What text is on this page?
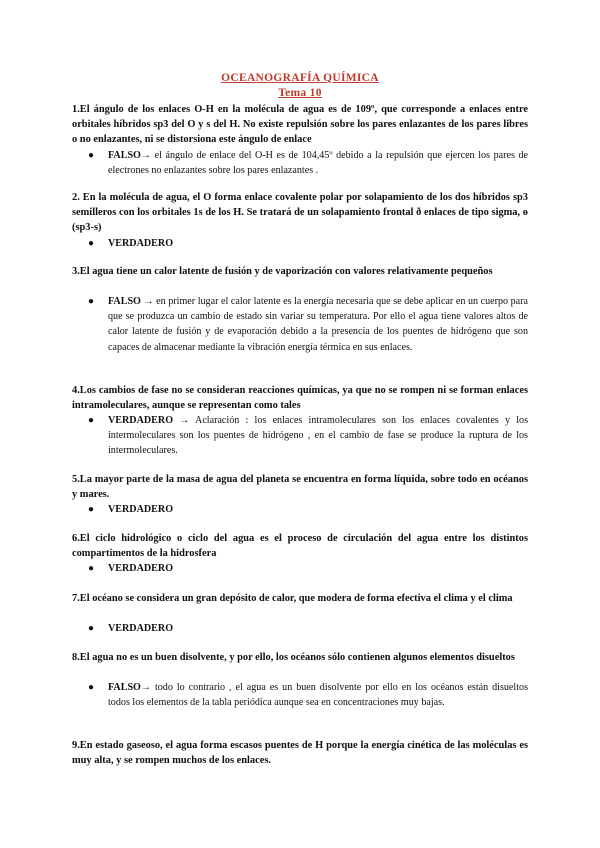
OCEANOGRAFÍA QUÍMICA
Tema 10
1.El ángulo de los enlaces O-H en la molécula de agua es de 109º, que corresponde a enlaces entre orbitales híbridos sp3 del O y s del H. No existe repulsión sobre los pares enlazantes de los pares libres o no enlazantes, ni se distorsiona este ángulo de enlace
● FALSO→ el ángulo de enlace del O-H es de 104,45º debido a la repulsión que ejercen los pares de electrones no enlazantes sobre los pares enlazantes .
2. En la molécula de agua, el O forma enlace covalente polar por solapamiento de los dos híbridos sp3 semilleros con los orbitales 1s de los H. Se tratará de un solapamiento frontal ð enlaces de tipo sigma, ɵ (sp3-s)
● VERDADERO
3.El agua tiene un calor latente de fusión y de vaporización con valores relativamente pequeños
● FALSO → en primer lugar el calor latente es la energía necesaria que se debe aplicar en un cuerpo para que se produzca un cambio de estado sin variar su temperatura. Por ello el agua tiene valores altos de calor latente de fusión y de evaporación debido a la presencia de los puentes de hidrógeno que son capaces de almacenar mediante la vibración energía térmica en sus enlaces.
4.Los cambios de fase no se consideran reacciones químicas, ya que no se rompen ni se forman enlaces intramoleculares, aunque se representan como tales
● VERDADERO → Aclaración : los enlaces intramoleculares son los enlaces covalentes y los intermoleculares son los puentes de hidrógeno , en el cambio de fase se produce la ruptura de los intermoleculares.
5.La mayor parte de la masa de agua del planeta se encuentra en forma líquida, sobre todo en océanos y mares.
● VERDADERO
6.El ciclo hidrológico o ciclo del agua es el proceso de circulación del agua entre los distintos compartimentos de la hidrosfera
● VERDADERO
7.El océano se considera un gran depósito de calor, que modera de forma efectiva el clima y el clima
● VERDADERO
8.El agua no es un buen disolvente, y por ello, los océanos sólo contienen algunos elementos disueltos
● FALSO→ todo lo contrario , el agua es un buen disolvente por ello en los océanos están disueltos todos los elementos de la tabla periódica aunque sea en concentraciones muy bajas.
9.En estado gaseoso, el agua forma escasos puentes de H porque la energía cinética de las moléculas es muy alta, y se rompen muchos de los enlaces.
